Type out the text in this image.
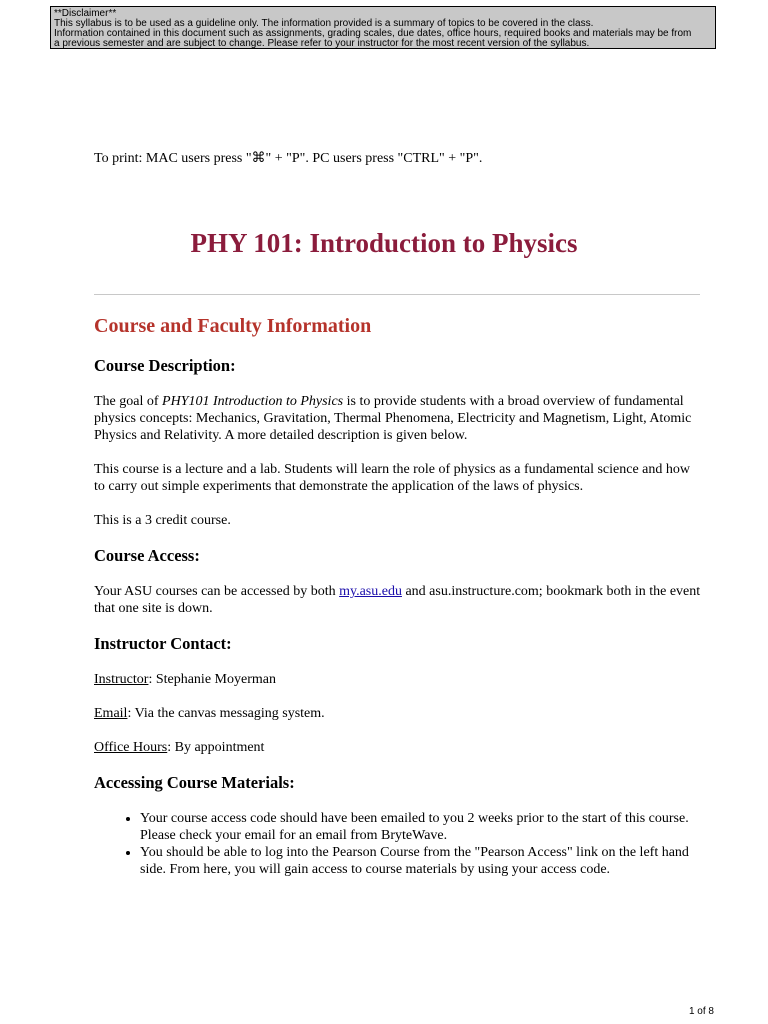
**Disclaimer**
This syllabus is to be used as a guideline only. The information provided is a summary of topics to be covered in the class.
Information contained in this document such as assignments, grading scales, due dates, office hours, required books and materials may be from
a previous semester and are subject to change. Please refer to your instructor for the most recent version of the syllabus.
To print: MAC users press "⌘" + "P". PC users press "CTRL" + "P".
PHY 101: Introduction to Physics
Course and Faculty Information
Course Description:

The goal of PHY101 Introduction to Physics is to provide students with a broad overview of fundamental physics concepts: Mechanics, Gravitation, Thermal Phenomena, Electricity and Magnetism, Light, Atomic Physics and Relativity. A more detailed description is given below.

This course is a lecture and a lab. Students will learn the role of physics as a fundamental science and how to carry out simple experiments that demonstrate the application of the laws of physics.

This is a 3 credit course.

Course Access:

Your ASU courses can be accessed by both my.asu.edu and asu.instructure.com; bookmark both in the event that one site is down.

Instructor Contact:

Instructor: Stephanie Moyerman

Email: Via the canvas messaging system.

Office Hours: By appointment

Accessing Course Materials:
• Your course access code should have been emailed to you 2 weeks prior to the start of this course. Please check your email for an email from BryteWave.
• You should be able to log into the Pearson Course from the "Pearson Access" link on the left hand side. From here, you will gain access to course materials by using your access code.
1 of 8
